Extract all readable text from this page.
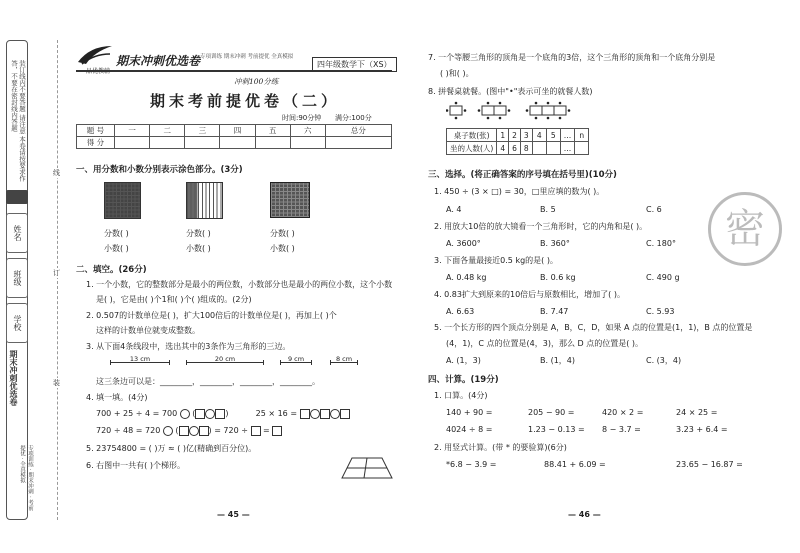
装订线内不要答题 请注意 本卷请按要求作答，不要在密封线内答题
姓名
班级
学校
期末冲刺优选卷
专项训练 · 期末冲刺 · 考前提优 · 全真模拟
线
订
装
期末冲刺优选卷 专项训练 期末冲刺 考前提优 全真模拟
四年级数学下（XS）
冲刺100分练
期末考前提优卷（二）
时间:90分钟 满分:100分
题 号	一	二	三	四	五	六	总分
得 分							
一、用分数和小数分别表示涂色部分。(3分)
分数( )	分数( )	分数( )
小数( )	小数( )	小数( )
二、填空。(26分)
1. 一个小数，它的整数部分是最小的两位数，小数部分也是最小的两位小数，这个小数
是( )，它是由( )个1和( )个( )组成的。(2分)
2. 0.507的计数单位是( )，扩大100倍后的计数单位是( )，再加上( )个
这样的计数单位就变成整数。
3. 从下面4条线段中，选出其中的3条作为三角形的三边。
13 cm	20 cm	9 cm	8 cm
这三条边可以是：________，________，________，________。
4. 填一填。(4分)
700 + 25 ÷ 4 = 700  (	)	25 × 16 =
720 ÷ 48 = 720  (	) = 720 ÷ =
5. 23754800 = ( )万 ≈ ( )亿(精确到百分位)。
6. 右图中一共有( )个梯形。
— 45 —
7. 一个等腰三角形的顶角是一个底角的3倍，这个三角形的顶角和一个底角分别是
( )和( )。
8. 拼餐桌就餐。(图中"•"表示可坐的就餐人数)
桌子数(张)	1	2	3	4	5	…	n
坐的人数(人)	4	6	8			…	
三、选择。(将正确答案的序号填在括号里)(10分)
1. 450 ÷ (3 × □) = 30，□里应填的数为( )。
A. 4	B. 5	C. 6
2. 用放大10倍的放大镜看一个三角形时，它的内角和是( )。
A. 3600°	B. 360°	C. 180°
3. 下面各量最接近0.5 kg的是( )。
A. 0.48 kg	B. 0.6 kg	C. 490 g
4. 0.83扩大到原来的10倍后与原数相比，增加了( )。
A. 6.63	B. 7.47	C. 5.93
5. 一个长方形的四个顶点分别是 A，B，C，D，如果 A 点的位置是(1，1)，B 点的位置是
(4，1)，C 点的位置是(4，3)，那么 D 点的位置是( )。
A. (1，3)	B. (1，4)	C. (3，4)
四、计算。(19分)
1. 口算。(4分)
140 + 90 =	205 − 90 =	420 × 2 =	24 × 25 =
4024 ÷ 8 =	1.23 − 0.13 = 8 − 3.7 =	3.23 + 6.4 =
2. 用竖式计算。(带 * 的要验算)(6分)
*6.8 − 3.9 =	88.41 + 6.09 =	23.65 − 16.87 =
密
— 46 —
